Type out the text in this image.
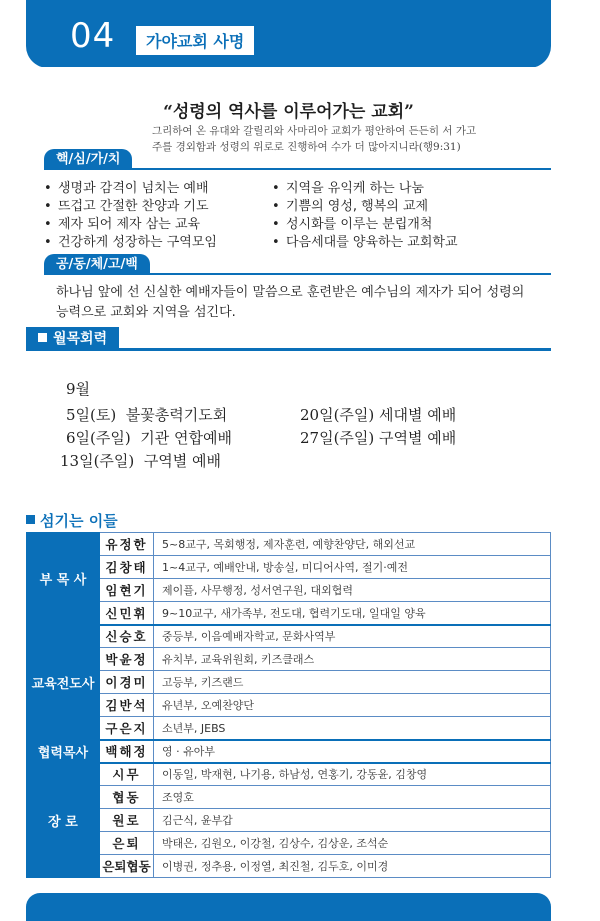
04	가야교회 사명
“성령의 역사를 이루어가는 교회”
그리하여 온 유대와 갈릴리와 사마리아 교회가 평안하여 든든히 서 가고
주를 경외함과 성령의 위로로 진행하여 수가 더 많아지니라(행9:31)
핵/심/가/치
• 생명과 감격이 넘치는 예배
• 뜨겁고 간절한 찬양과 기도
• 제자 되어 제자 삼는 교육
• 건강하게 성장하는 구역모임
• 지역을 유익케 하는 나눔
• 기쁨의 영성, 행복의 교제
• 성시화를 이루는 분립개척
• 다음세대를 양육하는 교회학교
공/동/체/고/백
하나님 앞에 선 신실한 예배자들이 말씀으로 훈련받은 예수님의 제자가 되어 성령의
능력으로 교회와 지역을 섬긴다.
월목회력
9월
5일(토) 불꽃총력기도회	20일(주일) 세대별 예배
6일(주일) 기관 연합예배	27일(주일) 구역별 예배
13일(주일) 구역별 예배
섬기는 이들
부 목 사	유정한	5~8교구, 목회행정, 제자훈련, 예향찬양단, 해외선교
	김창태	1~4교구, 예배안내, 방송실, 미디어사역, 절기·예전
	임현기	제이플, 사무행정, 성서연구원, 대외협력
	신민휘	9~10교구, 새가족부, 전도대, 협력기도대, 일대일 양육
교육전도사	신승호	중등부, 이음예배자학교, 문화사역부
	박윤정	유치부, 교육위원회, 키즈클래스
	이경미	고등부, 키즈랜드
	김반석	유년부, 오예찬양단
	구은지	소년부, JEBS
협력목사	백해정	영 · 유아부
장 로	시무	이동일, 박재현, 나기용, 하남성, 연홍기, 강동윤, 김창영
	협동	조영호
	원로	김근식, 윤부갑
	은퇴	박태은, 김원오, 이강철, 김상수, 김상운, 조석순
	은퇴협동	이병권, 정추용, 이정열, 최진철, 김두호, 이미경
